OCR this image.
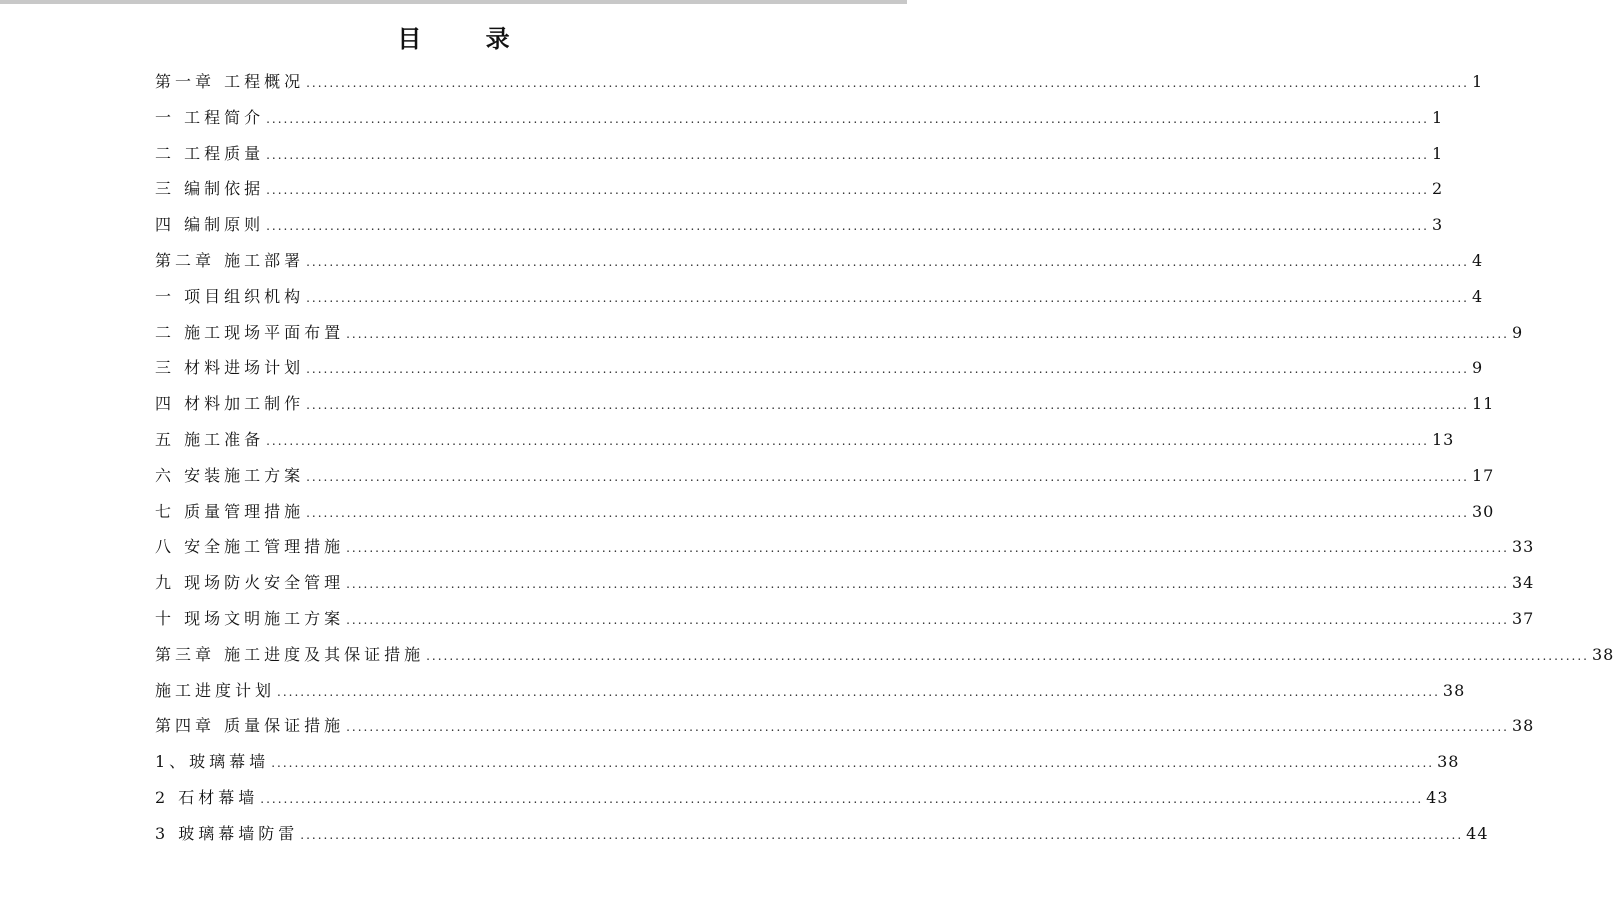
目 录
第一章 工程概况 ........................................................................................................................................................................................................ 1
一 工程简介 ........................................................................................................................................................................................................ 1
二 工程质量 ........................................................................................................................................................................................................ 1
三 编制依据 ........................................................................................................................................................................................................ 2
四 编制原则 ........................................................................................................................................................................................................ 3
第二章 施工部署 ........................................................................................................................................................................................................ 4
一 项目组织机构 ........................................................................................................................................................................................................ 4
二 施工现场平面布置 ........................................................................................................................................................................................................ 9
三 材料进场计划 ........................................................................................................................................................................................................ 9
四 材料加工制作 ........................................................................................................................................................................................................ 11
五 施工准备 ........................................................................................................................................................................................................ 13
六 安装施工方案 ........................................................................................................................................................................................................ 17
七 质量管理措施 ........................................................................................................................................................................................................ 30
八 安全施工管理措施 ........................................................................................................................................................................................................ 33
九 现场防火安全管理 ........................................................................................................................................................................................................ 34
十 现场文明施工方案 ........................................................................................................................................................................................................ 37
第三章 施工进度及其保证措施 ........................................................................................................................................................................................................ 38
施工进度计划 ........................................................................................................................................................................................................ 38
第四章 质量保证措施 ........................................................................................................................................................................................................ 38
1、玻璃幕墙 ........................................................................................................................................................................................................ 38
2 石材幕墙 ........................................................................................................................................................................................................ 43
3 玻璃幕墙防雷 ........................................................................................................................................................................................................ 44
